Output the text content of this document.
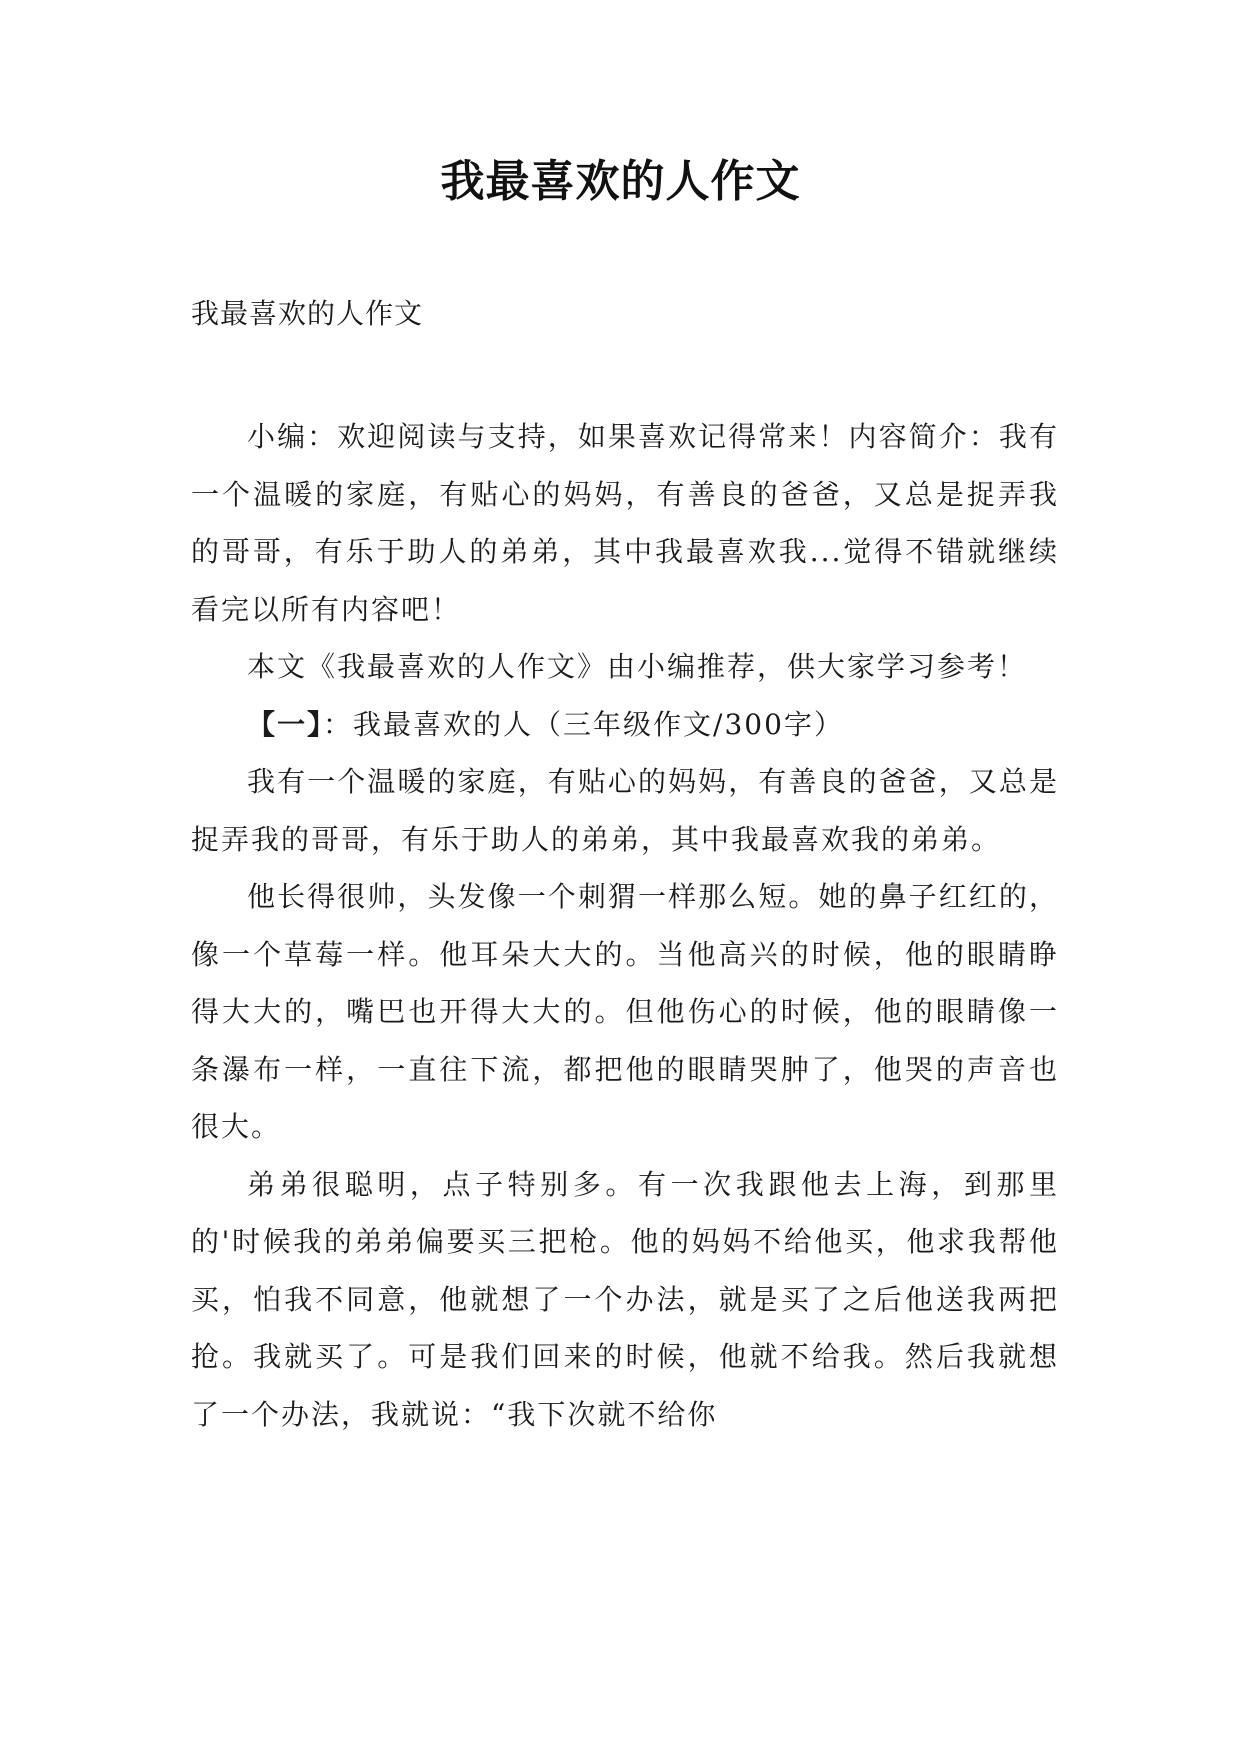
我最喜欢的人作文
我最喜欢的人作文

小编：欢迎阅读与支持，如果喜欢记得常来！内容简介：我有一个温暖的家庭，有贴心的妈妈，有善良的爸爸，又总是捉弄我的哥哥，有乐于助人的弟弟，其中我最喜欢我...觉得不错就继续看完以所有内容吧！

本文《我最喜欢的人作文》由小编推荐，供大家学习参考！

【一】：我最喜欢的人（三年级作文/300字）

我有一个温暖的家庭，有贴心的妈妈，有善良的爸爸，又总是捉弄我的哥哥，有乐于助人的弟弟，其中我最喜欢我的弟弟。

他长得很帅，头发像一个刺猬一样那么短。她的鼻子红红的，像一个草莓一样。他耳朵大大的。当他高兴的时候，他的眼睛睁得大大的，嘴巴也开得大大的。但他伤心的时候，他的眼睛像一条瀑布一样，一直往下流，都把他的眼睛哭肿了，他哭的声音也很大。

弟弟很聪明，点子特别多。有一次我跟他去上海，到那里的'时候我的弟弟偏要买三把枪。他的妈妈不给他买，他求我帮他买，怕我不同意，他就想了一个办法，就是买了之后他送我两把抢。我就买了。可是我们回来的时候，他就不给我。然后我就想了一个办法，我就说：“我下次就不给你
